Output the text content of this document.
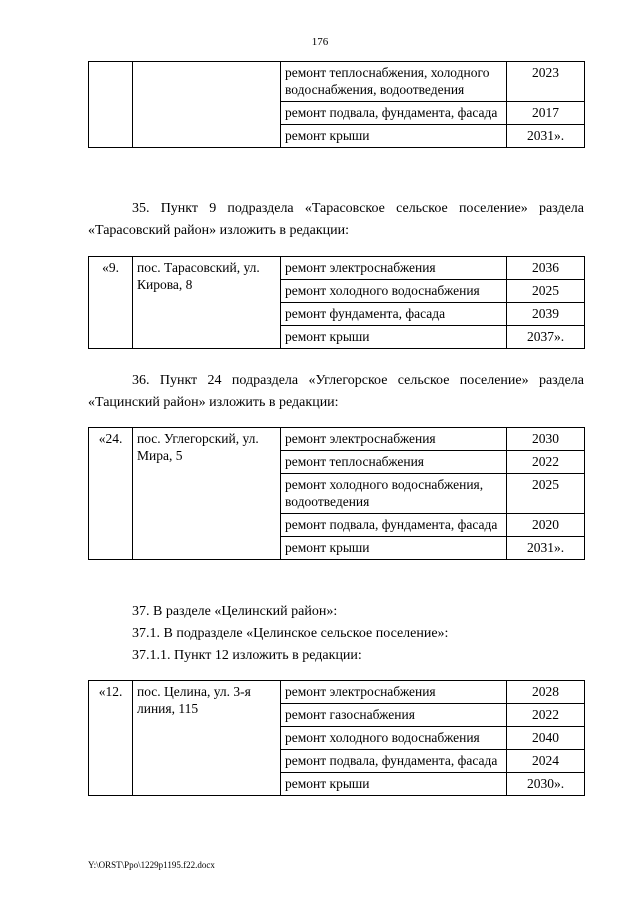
176
		ремонт теплоснабжения, холодного водоснабжения, водоотведения	2023
		ремонт подвала, фундамента, фасада	2017
		ремонт крыши	2031».

35. Пункт 9 подраздела «Тарасовское сельское поселение» раздела «Тарасовский район» изложить в редакции:

«9.	пос. Тарасовский, ул. Кирова, 8	ремонт электроснабжения	2036
		ремонт холодного водоснабжения	2025
		ремонт фундамента, фасада	2039
		ремонт крыши	2037».

36. Пункт 24 подраздела «Углегорское сельское поселение» раздела «Тацинский район» изложить в редакции:

«24.	пос. Углегорский, ул. Мира, 5	ремонт электроснабжения	2030
		ремонт теплоснабжения	2022
		ремонт холодного водоснабжения, водоотведения	2025
		ремонт подвала, фундамента, фасада	2020
		ремонт крыши	2031».

37. В разделе «Целинский район»:

37.1. В подразделе «Целинское сельское поселение»:

37.1.1. Пункт 12 изложить в редакции:

«12.	пос. Целина, ул. 3-я линия, 115	ремонт электроснабжения	2028
		ремонт газоснабжения	2022
		ремонт холодного водоснабжения	2040
		ремонт подвала, фундамента, фасада	2024
		ремонт крыши	2030».
Y:\ORST\Ppo\1229p1195.f22.docx
